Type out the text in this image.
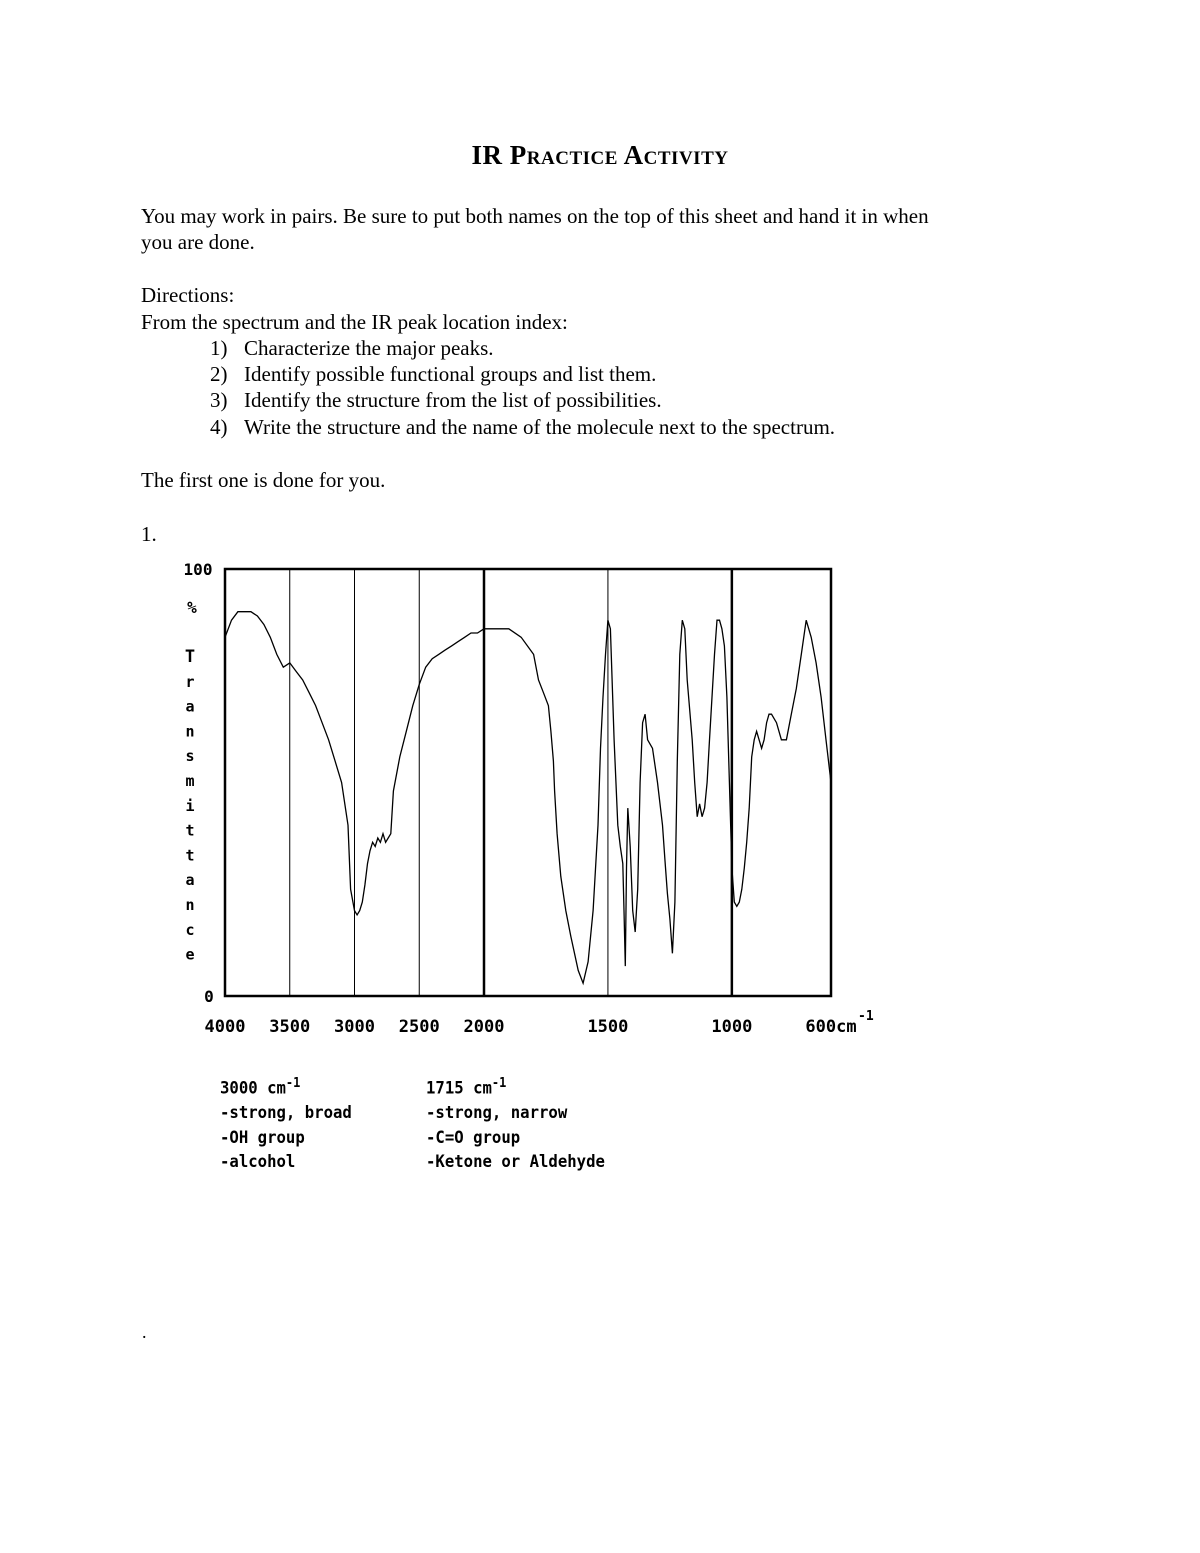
IR Practice Activity
You may work in pairs. Be sure to put both names on the top of this sheet and hand it in when
you are done.
Directions:
From the spectrum and the IR peak location index:
1) Characterize the major peaks.
2) Identify possible functional groups and list them.
3) Identify the structure from the list of possibilities.
4) Write the structure and the name of the molecule next to the spectrum.
The first one is done for you.
1.
4000 3500 3000 2500 2000	1500	1000	600cm
-1
100
%
T
r
a
n
s
m
i
t
t
a
n
c
e
0
3000 $cm^{-1}$
-strong, broad
-OH group
-alcohol
1715 $cm^{-1}$
-strong, narrow
-C=O group
-Ketone or Aldehyde
.
